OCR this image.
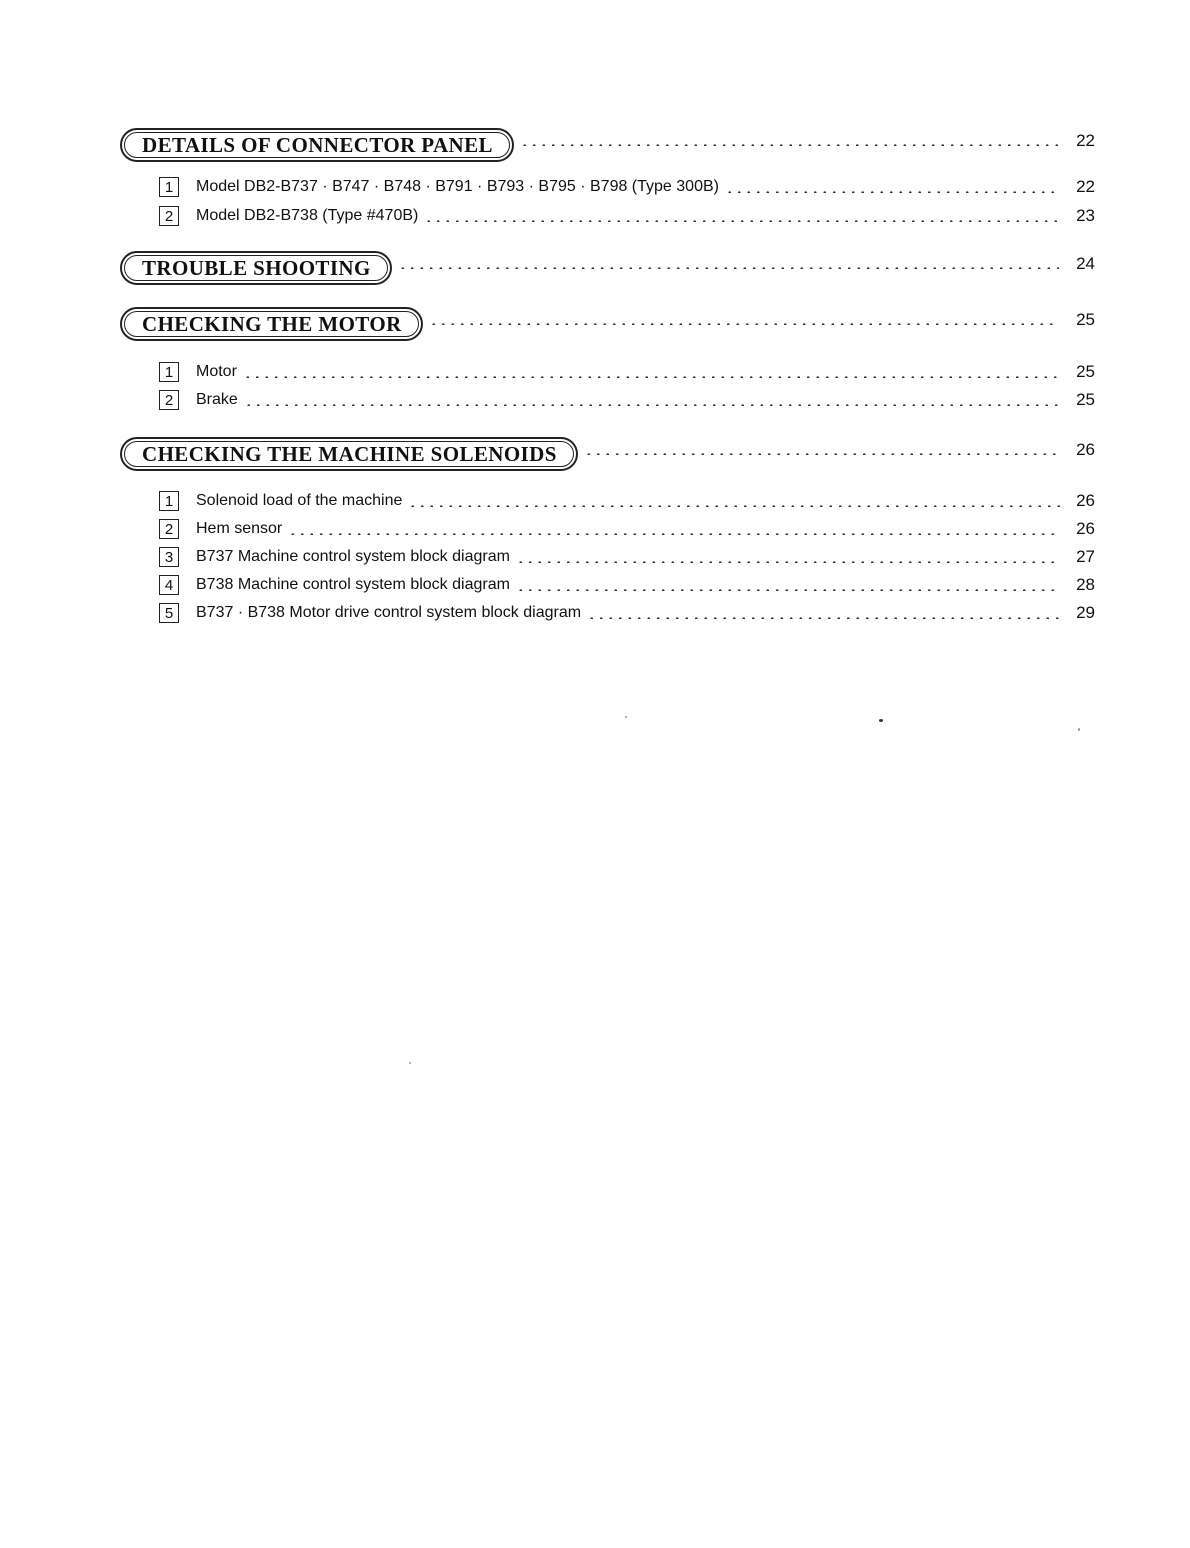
DETAILS OF CONNECTOR PANEL	22
1	Model DB2-B737 · B747 · B748 · B791 · B793 · B795 · B798 (Type 300B)	22
2	Model DB2-B738 (Type #470B)	23
TROUBLE SHOOTING	24
CHECKING THE MOTOR	25
1	Motor	25
2	Brake	25
CHECKING THE MACHINE SOLENOIDS	26
1	Solenoid load of the machine	26
2	Hem sensor	26
3	B737 Machine control system block diagram	27
4	B738 Machine control system block diagram	28
5	B737 · B738 Motor drive control system block diagram	29
